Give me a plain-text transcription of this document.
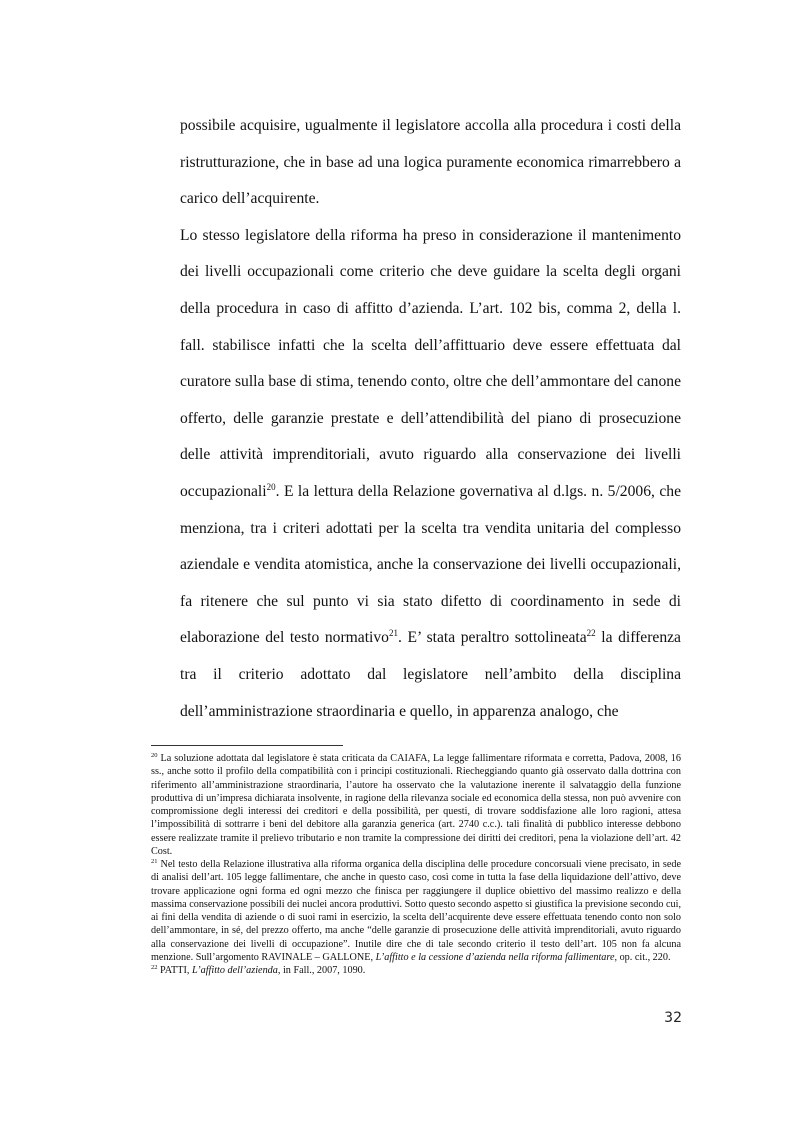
possibile acquisire, ugualmente il legislatore accolla alla procedura i costi della ristrutturazione, che in base ad una logica puramente economica rimarrebbero a carico dell’acquirente.

Lo stesso legislatore della riforma ha preso in considerazione il mantenimento dei livelli occupazionali come criterio che deve guidare la scelta degli organi della procedura in caso di affitto d’azienda. L’art. 102 bis, comma 2, della l. fall. stabilisce infatti che la scelta dell’affittuario deve essere effettuata dal curatore sulla base di stima, tenendo conto, oltre che dell’ammontare del canone offerto, delle garanzie prestate e dell’attendibilità del piano di prosecuzione delle attività imprenditoriali, avuto riguardo alla conservazione dei livelli occupazionali$^{20}$. E la lettura della Relazione governativa al d.lgs. n. 5/2006, che menziona, tra i criteri adottati per la scelta tra vendita unitaria del complesso aziendale e vendita atomistica, anche la conservazione dei livelli occupazionali, fa ritenere che sul punto vi sia stato difetto di coordinamento in sede di elaborazione del testo normativo$^{21}$. E’ stata peraltro sottolineata$^{22}$ la differenza tra il criterio adottato dal legislatore nell’ambito della disciplina dell’amministrazione straordinaria e quello, in apparenza analogo, che

$^{20}$ La soluzione adottata dal legislatore è stata criticata da CAIAFA, La legge fallimentare riformata e corretta, Padova, 2008, 16 ss., anche sotto il profilo della compatibilità con i principi costituzionali. Riecheggiando quanto già osservato dalla dottrina con riferimento all’amministrazione straordinaria, l’autore ha osservato che la valutazione inerente il salvataggio della funzione produttiva di un’impresa dichiarata insolvente, in ragione della rilevanza sociale ed economica della stessa, non può avvenire con compromissione degli interessi dei creditori e della possibilità, per questi, di trovare soddisfazione alle loro ragioni, attesa l’impossibilità di sottrarre i beni del debitore alla garanzia generica (art. 2740 c.c.). tali finalità di pubblico interesse debbono essere realizzate tramite il prelievo tributario e non tramite la compressione dei diritti dei creditori, pena la violazione dell’art. 42 Cost.

$^{21}$ Nel testo della Relazione illustrativa alla riforma organica della disciplina delle procedure concorsuali viene precisato, in sede di analisi dell’art. 105 legge fallimentare, che anche in questo caso, così come in tutta la fase della liquidazione dell’attivo, deve trovare applicazione ogni forma ed ogni mezzo che finisca per raggiungere il duplice obiettivo del massimo realizzo e della massima conservazione possibili dei nuclei ancora produttivi. Sotto questo secondo aspetto si giustifica la previsione secondo cui, ai fini della vendita di aziende o di suoi rami in esercizio, la scelta dell’acquirente deve essere effettuata tenendo conto non solo dell’ammontare, in sé, del prezzo offerto, ma anche “delle garanzie di prosecuzione delle attività imprenditoriali, avuto riguardo alla conservazione dei livelli di occupazione”. Inutile dire che di tale secondo criterio il testo dell’art. 105 non fa alcuna menzione. Sull’argomento RAVINALE – GALLONE, L’affitto e la cessione d’azienda nella riforma fallimentare, op. cit., 220.

$^{22}$ PATTI, L’affitto dell’azienda, in Fall., 2007, 1090.

32
